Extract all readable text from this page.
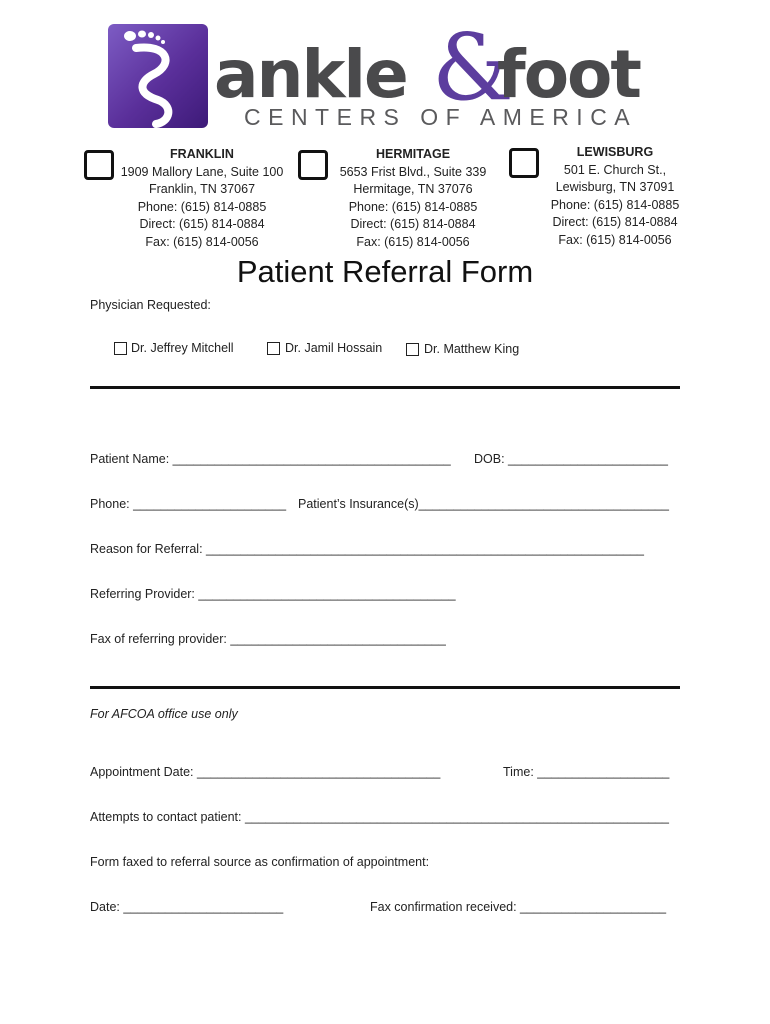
ankle &
foot
CENTERS OF AMERICA
FRANKLIN
1909 Mallory Lane, Suite 100
Franklin, TN 37067
Phone: (615) 814-0885
Direct: (615) 814-0884
Fax: (615) 814-0056
HERMITAGE
5653 Frist Blvd., Suite 339
Hermitage, TN 37076
Phone: (615) 814-0885
Direct: (615) 814-0884
Fax: (615) 814-0056
LEWISBURG
501 E. Church St.,
Lewisburg, TN 37091
Phone: (615) 814-0885
Direct: (615) 814-0884
Fax: (615) 814-0056
Patient Referral Form
Physician Requested:
Dr. Jeffrey Mitchell	Dr. Jamil Hossain	Dr. Matthew King
Patient Name: ________________________________________ DOB: _______________________
Phone: ______________________ Patient’s Insurance(s)____________________________________
Reason for Referral: _______________________________________________________________
Referring Provider: _____________________________________
Fax of referring provider: _______________________________
For AFCOA office use only
Appointment Date: ___________________________________	Time: ___________________
Attempts to contact patient: _____________________________________________________________
Form faxed to referral source as confirmation of appointment:
Date: _______________________	Fax confirmation received: _____________________
